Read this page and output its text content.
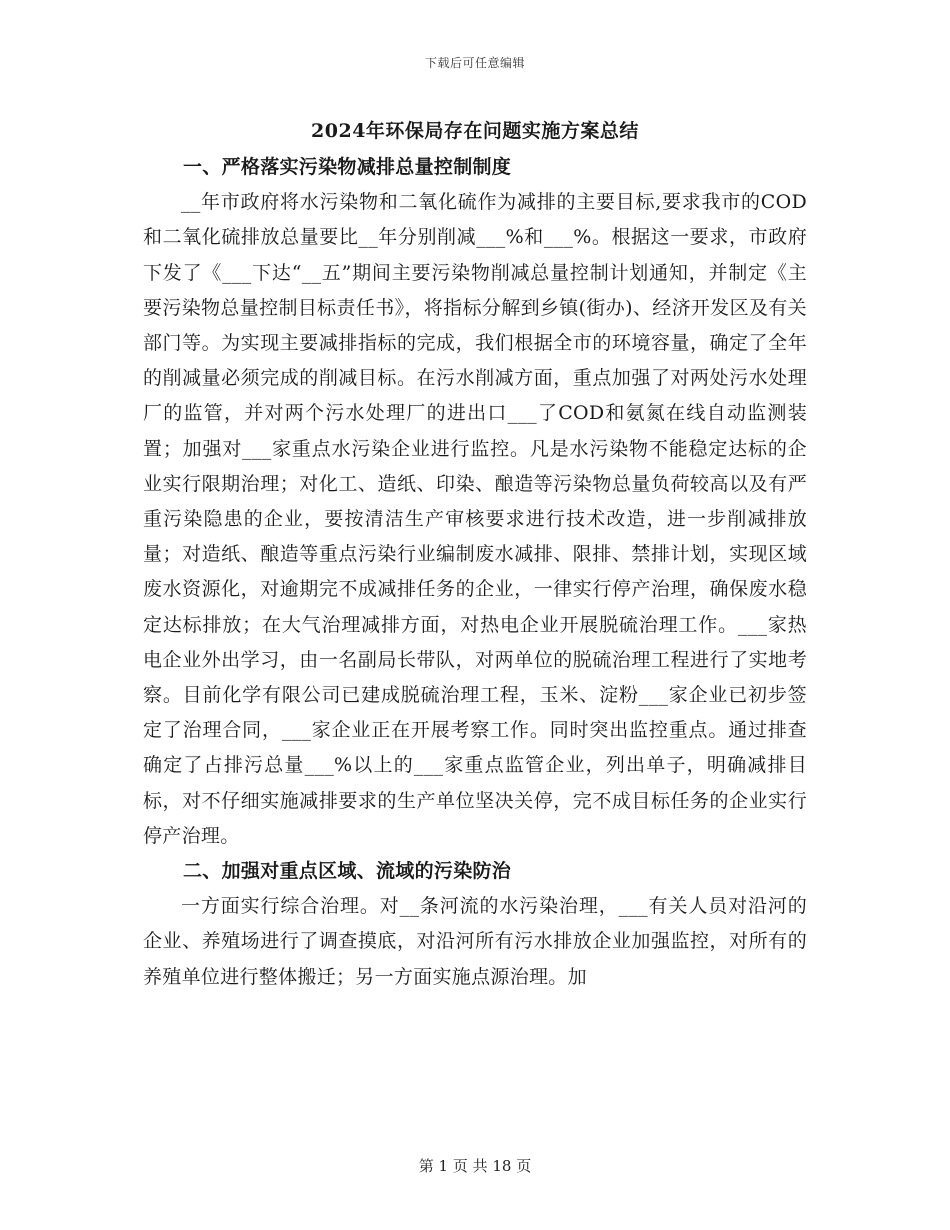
下载后可任意编辑
2024年环保局存在问题实施方案总结

一、严格落实污染物减排总量控制制度

__年市政府将水污染物和二氧化硫作为减排的主要目标,要求我市的COD和二氧化硫排放总量要比__年分别削减___%和___%。根据这一要求，市政府下发了《___下达“__五”期间主要污染物削减总量控制计划通知，并制定《主要污染物总量控制目标责任书》，将指标分解到乡镇(街办)、经济开发区及有关部门等。为实现主要减排指标的完成，我们根据全市的环境容量，确定了全年的削减量必须完成的削减目标。在污水削减方面，重点加强了对两处污水处理厂的监管，并对两个污水处理厂的进出口___了COD和氨氮在线自动监测装置；加强对___家重点水污染企业进行监控。凡是水污染物不能稳定达标的企业实行限期治理；对化工、造纸、印染、酿造等污染物总量负荷较高以及有严重污染隐患的企业，要按清洁生产审核要求进行技术改造，进一步削减排放量；对造纸、酿造等重点污染行业编制废水减排、限排、禁排计划，实现区域废水资源化，对逾期完不成减排任务的企业，一律实行停产治理，确保废水稳定达标排放；在大气治理减排方面，对热电企业开展脱硫治理工作。___家热电企业外出学习，由一名副局长带队，对两单位的脱硫治理工程进行了实地考察。目前化学有限公司已建成脱硫治理工程，玉米、淀粉___家企业已初步签定了治理合同，___家企业正在开展考察工作。同时突出监控重点。通过排查确定了占排污总量___%以上的___家重点监管企业，列出单子，明确减排目标，对不仔细实施减排要求的生产单位坚决关停，完不成目标任务的企业实行停产治理。

二、加强对重点区域、流域的污染防治

一方面实行综合治理。对__条河流的水污染治理，___有关人员对沿河的企业、养殖场进行了调查摸底，对沿河所有污水排放企业加强监控，对所有的养殖单位进行整体搬迁；另一方面实施点源治理。加

第 1 页 共 18 页
